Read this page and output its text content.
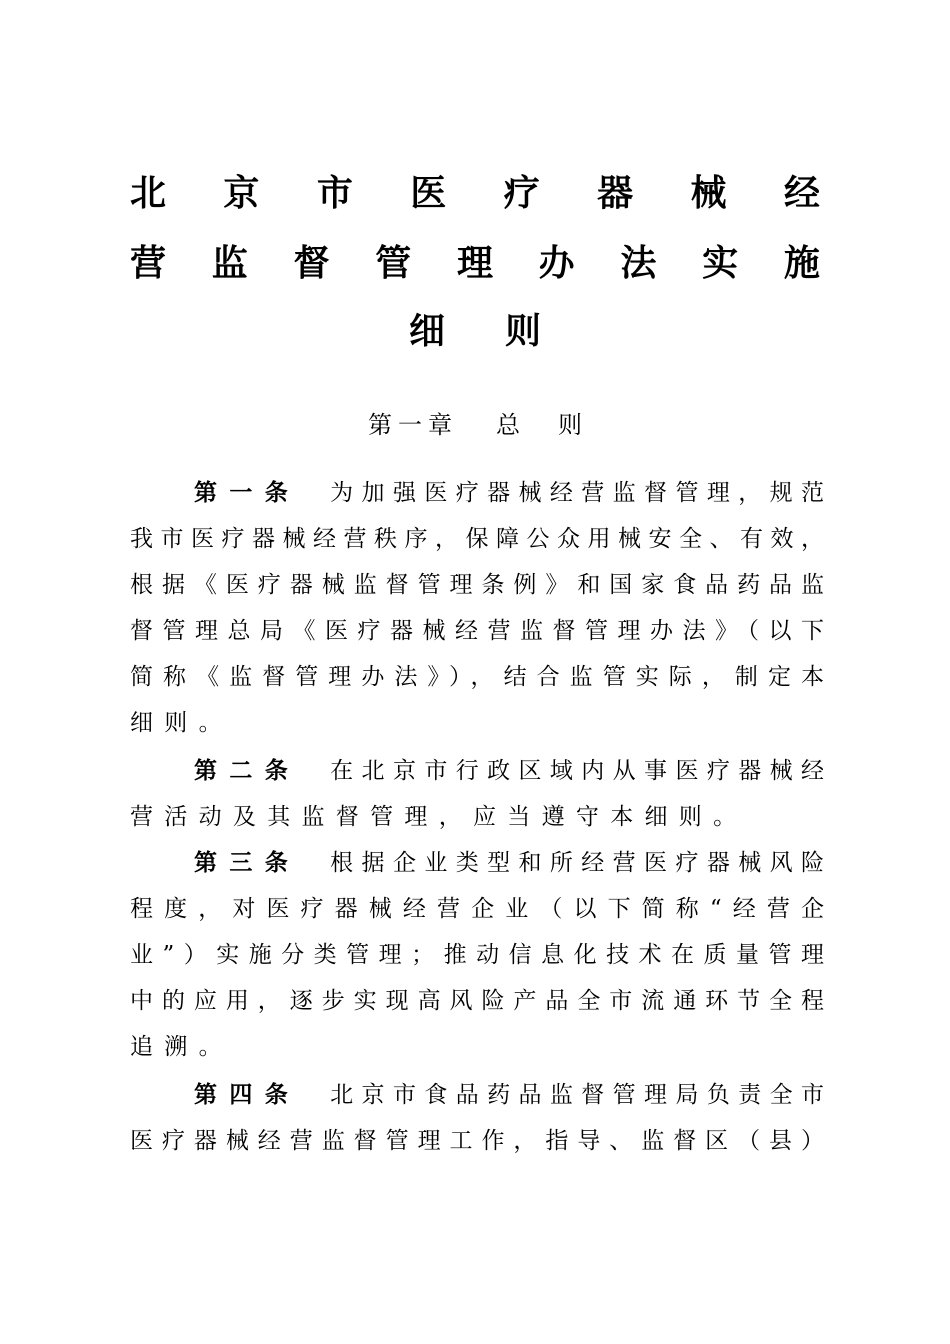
北 京 市 医 疗 器 械 经
营 监 督 管 理 办 法 实 施
细 则
第一章 总则
第一条 为加强医疗器械经营监督管理，规范
我市医疗器械经营秩序，保障公众用械安全、有效，
根据《医疗器械监督管理条例》和国家食品药品监
督管理总局《医疗器械经营监督管理办法》（以下
简称《监督管理办法》），结合监管实际，制定本
细则。
第二条 在北京市行政区域内从事医疗器械经
营活动及其监督管理，应当遵守本细则。
第三条 根据企业类型和所经营医疗器械风险
程度，对医疗器械经营企业（以下简称“经营企
业”）实施分类管理；推动信息化技术在质量管理
中的应用，逐步实现高风险产品全市流通环节全程
追溯。
第四条 北京市食品药品监督管理局负责全市
医疗器械经营监督管理工作，指导、监督区（县）
